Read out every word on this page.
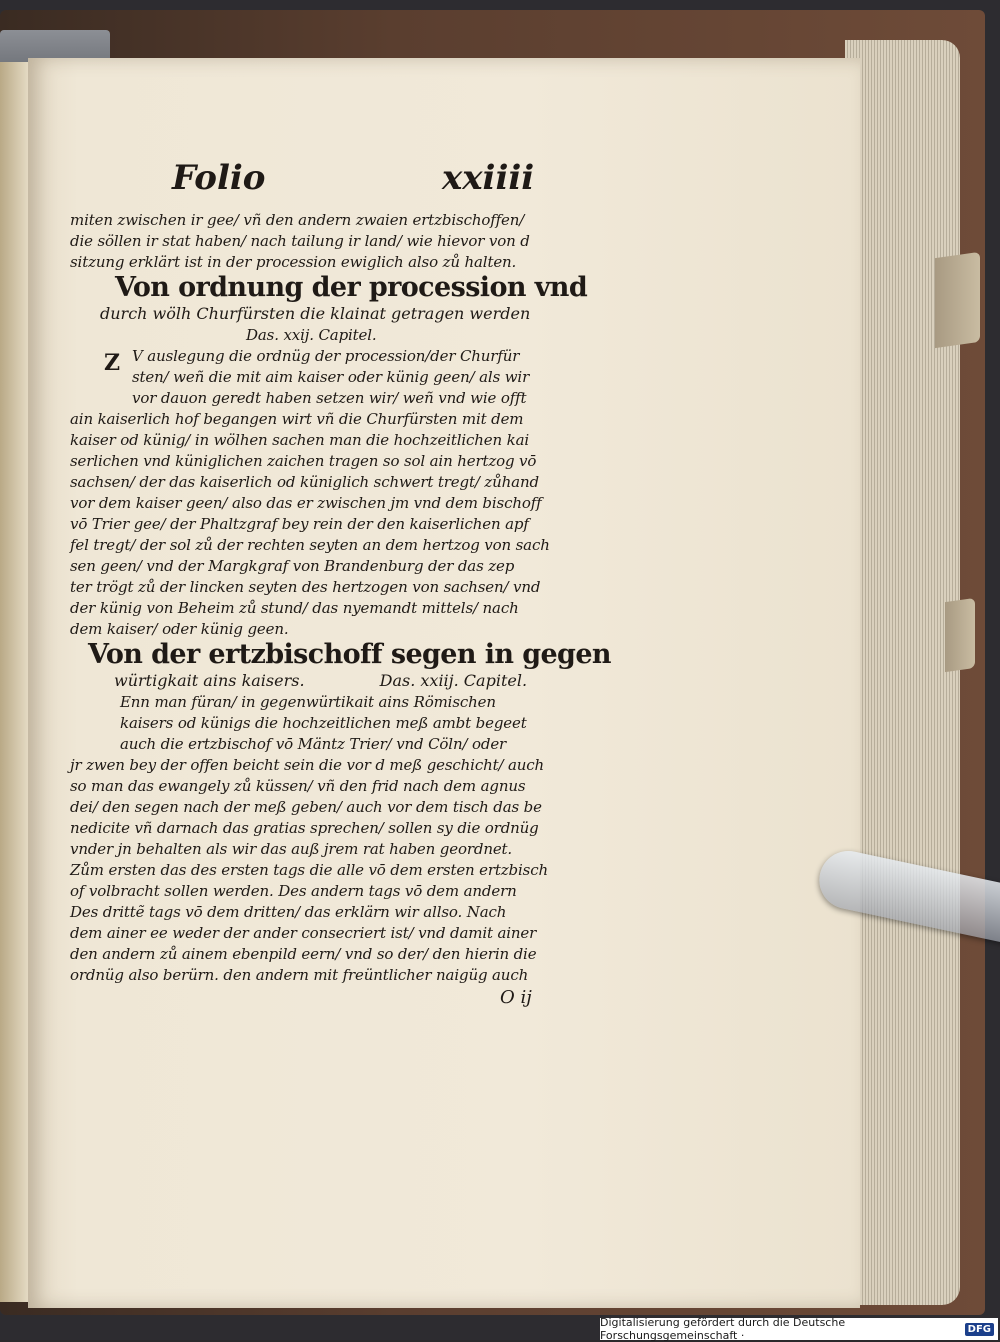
Folio	xxiiii
miten zwischen ir gee/ vñ den andern zwaien ertzbischoffen/
die söllen ir stat haben/ nach tailung ir land/ wie hievor von d
sitzung erklärt ist in der procession ewiglich also zů halten.
Von ordnung der procession vnd
durch wölh Churfürsten die klainat getragen werden
Das. xxij. Capitel.
Z V auslegung die ordnüg der procession/der Churfür
sten/ weñ die mit aim kaiser oder künig geen/ als wir
vor dauon geredt haben setzen wir/ weñ vnd wie offt
ain kaiserlich hof begangen wirt vñ die Churfürsten mit dem
kaiser od künig/ in wölhen sachen man die hochzeitlichen kai
serlichen vnd küniglichen zaichen tragen so sol ain hertzog vō
sachsen/ der das kaiserlich od küniglich schwert tregt/ zůhand
vor dem kaiser geen/ also das er zwischen jm vnd dem bischoff
vō Trier gee/ der Phaltzgraf bey rein der den kaiserlichen apf
fel tregt/ der sol zů der rechten seyten an dem hertzog von sach
sen geen/ vnd der Margkgraf von Brandenburg der das zep
ter trögt zů der lincken seyten des hertzogen von sachsen/ vnd
der künig von Beheim zů stund/ das nyemandt mittels/ nach
dem kaiser/ oder künig geen.
Von der ertzbischoff segen in gegen
würtigkait ains kaisers.	Das. xxiij. Capitel.
Enn man füran/ in gegenwürtikait ains Römischen
kaisers od künigs die hochzeitlichen meß ambt begeet
auch die ertzbischof vō Mäntz Trier/ vnd Cöln/ oder
jr zwen bey der offen beicht sein die vor d meß geschicht/ auch
so man das ewangely zů küssen/ vñ den frid nach dem agnus
dei/ den segen nach der meß geben/ auch vor dem tisch das be
nedicite vñ darnach das gratias sprechen/ sollen sy die ordnüg
vnder jn behalten als wir das auß jrem rat haben geordnet.
Zům ersten das des ersten tags die alle vō dem ersten ertzbisch
of volbracht sollen werden. Des andern tags vō dem andern
Des drittẽ tags vō dem dritten/ das erklärn wir allso. Nach
dem ainer ee weder der ander consecriert ist/ vnd damit ainer
den andern zů ainem ebenpild eern/ vnd so der/ den hierin die
ordnüg also berürn. den andern mit freüntlicher naigüg auch
O ij
Digitalisierung gefördert durch die Deutsche Forschungsgemeinschaft ·	DFG
